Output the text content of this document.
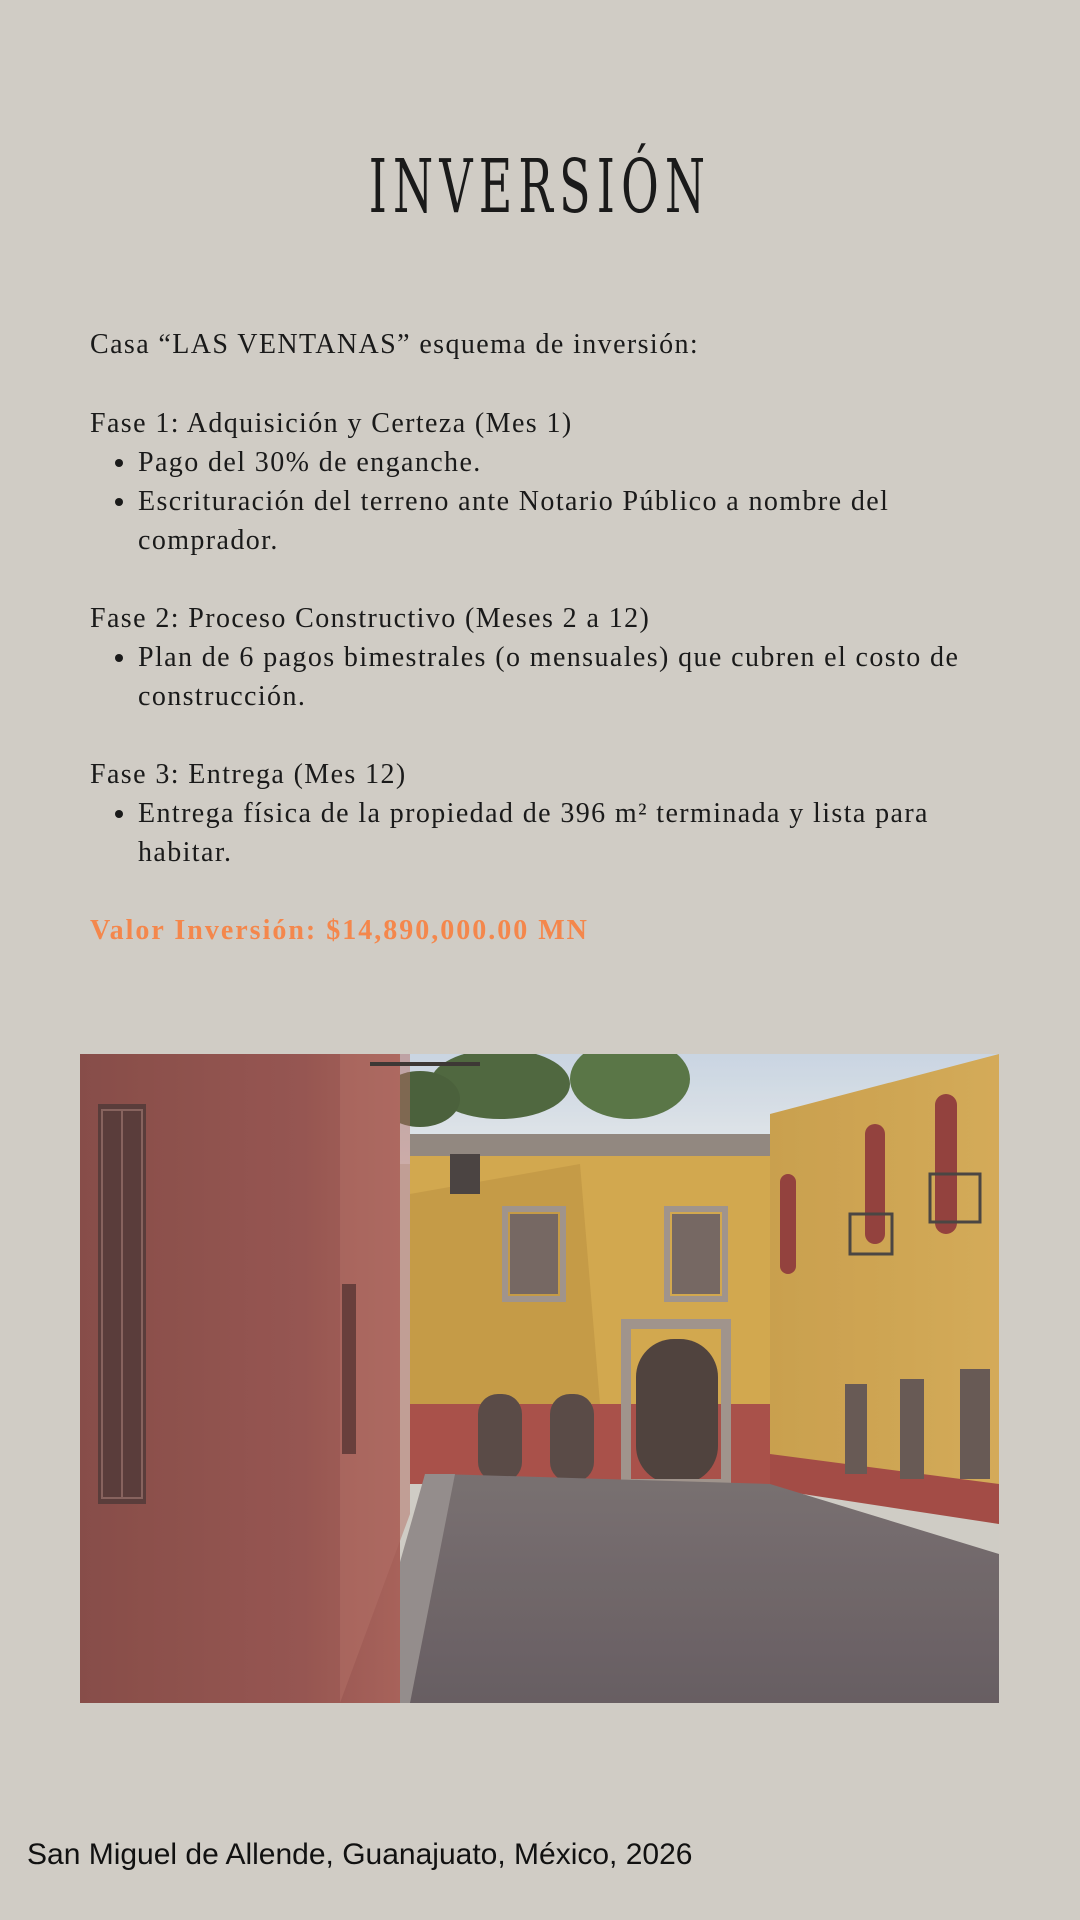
INVERSIÓN

Casa “LAS VENTANAS” esquema de inversión:

Fase 1: Adquisición y Certeza (Mes 1)

• Pago del 30% de enganche.
• Escrituración del terreno ante Notario Público a nombre del comprador.

Fase 2: Proceso Constructivo (Meses 2 a 12)

• Plan de 6 pagos bimestrales (o mensuales) que cubren el costo de construcción.

Fase 3: Entrega (Mes 12)

• Entrega física de la propiedad de 396 m² terminada y lista para habitar.

Valor Inversión: $14,890,000.00 MN

San Miguel de Allende, Guanajuato, México, 2026
